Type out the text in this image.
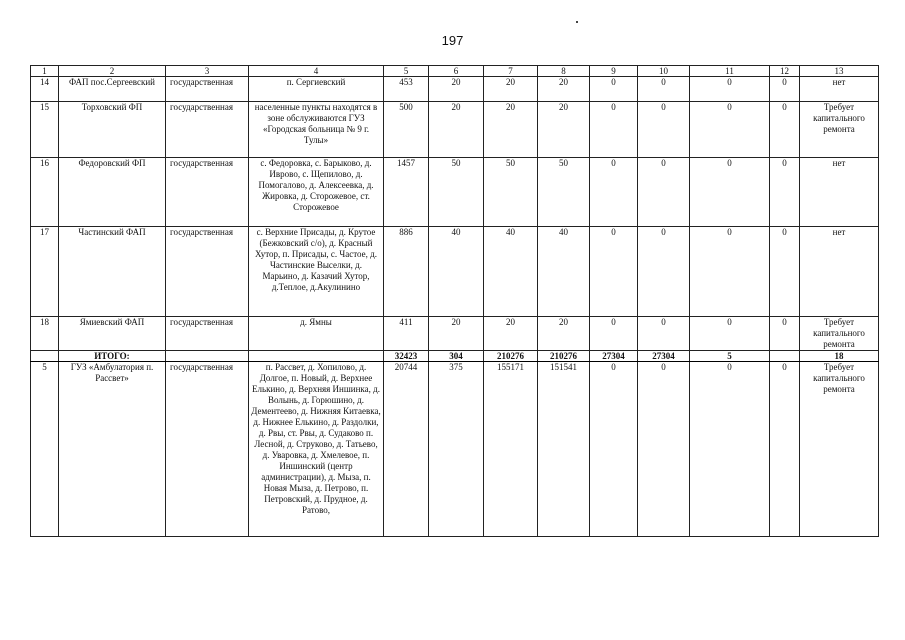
197
1	2	3	4	5	6	7	8	9	10	11	12	13
14	ФАП пос.Сергеевский	государственная	п. Сергиевский	453	20	20	20	0	0	0	0	нет
15	Торховский ФП	государственная	населенные пункты находятся в зоне обслуживаются ГУЗ «Городская больница № 9 г. Тулы»	500	20	20	20	0	0	0	0	Требует капитального ремонта
16	Федоровский ФП	государственная	с. Федоровка, с. Барыково, д. Иврово, с. Щепилово, д. Помогалово, д. Алексеевка, д. Жировка, д. Сторожевое, ст. Сторожевое	1457	50	50	50	0	0	0	0	нет
17	Частинский ФАП	государственная	с. Верхние Присады, д. Крутое (Бежковский с/о), д. Красный Хутор, п. Присады, с. Частое, д. Частинские Выселки, д. Марьино, д. Казачий Хутор, д.Теплое, д.Акулинино	886	40	40	40	0	0	0	0	нет
18	Ямиевский ФАП	государственная	д. Ямны	411	20	20	20	0	0	0	0	Требует капитального ремонта
	ИТОГО:			32423	304	210276	210276	27304	27304	5		18
5	ГУЗ «Амбулатория п. Рассвет»	государственная	п. Рассвет, д. Хопилово, д. Долгое, п. Новый, д. Верхнее Елькино, д. Верхняя Иншинка, д. Волынь, д. Горюшино, д. Дементеево, д. Нижняя Китаевка, д. Нижнее Елькино, д. Раздолки, д. Рвы, ст. Рвы, д. Судаково п. Лесной, д. Струково, д. Татьево, д. Уваровка, д. Хмелевое, п. Иншинский (центр администрации), д. Мыза, п. Новая Мыза, д. Петрово, п. Петровский, д. Прудное, д. Ратово,	20744	375	155171	151541	0	0	0	0	Требует капитального ремонта
